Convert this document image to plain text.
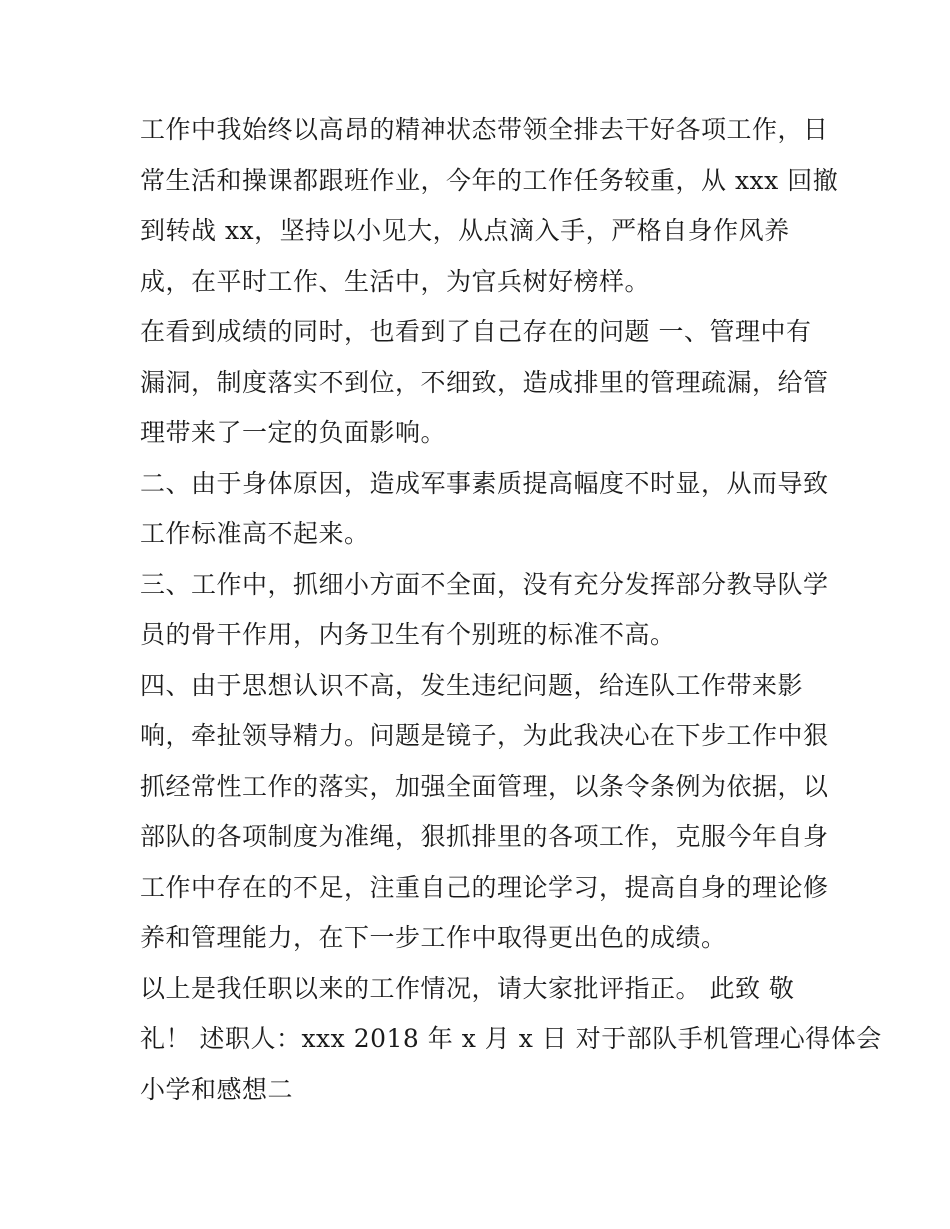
工作中我始终以高昂的精神状态带领全排去干好各项工作，日
常生活和操课都跟班作业，今年的工作任务较重，从 xxx 回撤
到转战 xx，坚持以小见大，从点滴入手，严格自身作风养
成，在平时工作、生活中，为官兵树好榜样。
在看到成绩的同时，也看到了自己存在的问题 一、管理中有
漏洞，制度落实不到位，不细致，造成排里的管理疏漏，给管
理带来了一定的负面影响。
二、由于身体原因，造成军事素质提高幅度不时显，从而导致
工作标准高不起来。
三、工作中，抓细小方面不全面，没有充分发挥部分教导队学
员的骨干作用，内务卫生有个别班的标准不高。
四、由于思想认识不高，发生违纪问题，给连队工作带来影
响，牵扯领导精力。问题是镜子，为此我决心在下步工作中狠
抓经常性工作的落实，加强全面管理，以条令条例为依据，以
部队的各项制度为准绳，狠抓排里的各项工作，克服今年自身
工作中存在的不足，注重自己的理论学习，提高自身的理论修
养和管理能力，在下一步工作中取得更出色的成绩。
以上是我任职以来的工作情况，请大家批评指正。 此致 敬
礼！ 述职人：xxx 2018 年 x 月 x 日 对于部队手机管理心得体会
小学和感想二
